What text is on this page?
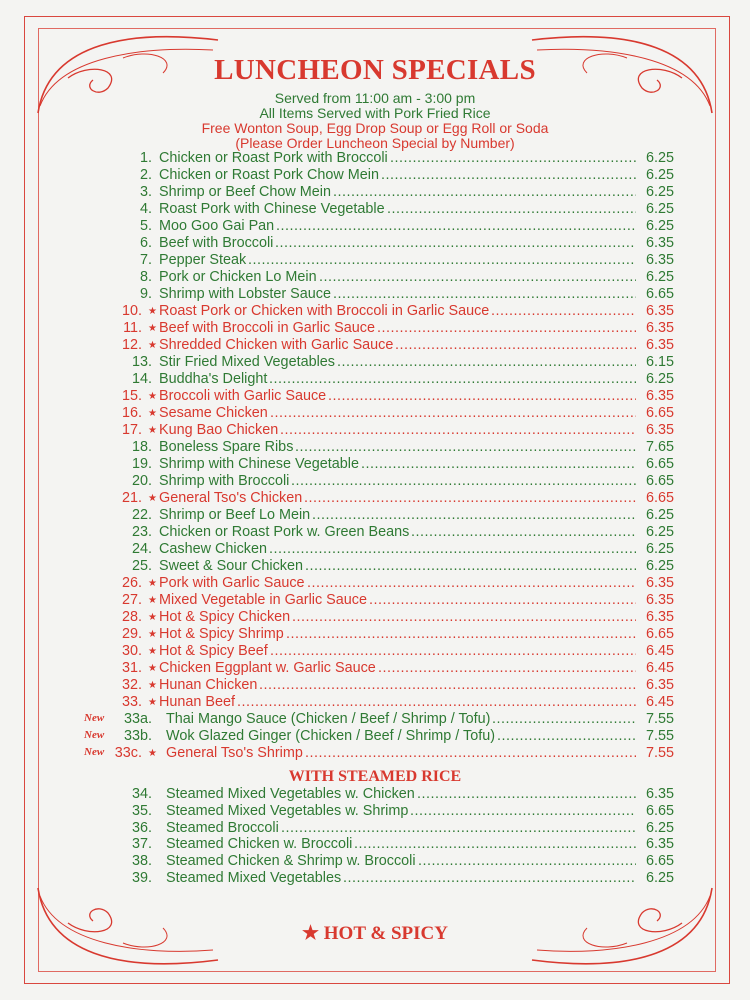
LUNCHEON SPECIALS
Served from 11:00 am - 3:00 pm
All Items Served with Pork Fried Rice
Free Wonton Soup, Egg Drop Soup or Egg Roll or Soda
(Please Order Luncheon Special by Number)
1. Chicken or Roast Pork with Broccoli .....	6.25
2. Chicken or Roast Pork Chow Mein .....	6.25
3. Shrimp or Beef Chow Mein .....	6.25
4. Roast Pork with Chinese Vegetable .....	6.25
5. Moo Goo Gai Pan .....	6.25
6. Beef with Broccoli .....	6.35
7. Pepper Steak .....	6.35
8. Pork or Chicken Lo Mein .....	6.25
9. Shrimp with Lobster Sauce .....	6.65
10. ★ Roast Pork or Chicken with Broccoli in Garlic Sauce .....	6.35
11. ★ Beef with Broccoli in Garlic Sauce .....	6.35
12. ★ Shredded Chicken with Garlic Sauce .....	6.35
13. Stir Fried Mixed Vegetables .....	6.15
14. Buddha's Delight .....	6.25
15. ★ Broccoli with Garlic Sauce .....	6.35
16. ★ Sesame Chicken .....	6.65
17. ★ Kung Bao Chicken .....	6.35
18. Boneless Spare Ribs .....	7.65
19. Shrimp with Chinese Vegetable .....	6.65
20. Shrimp with Broccoli .....	6.65
21. ★ General Tso's Chicken .....	6.65
22. Shrimp or Beef Lo Mein .....	6.25
23. Chicken or Roast Pork w. Green Beans .....	6.25
24. Cashew Chicken .....	6.25
25. Sweet & Sour Chicken .....	6.25
26. ★ Pork with Garlic Sauce .....	6.35
27. ★ Mixed Vegetable in Garlic Sauce .....	6.35
28. ★ Hot & Spicy Chicken .....	6.35
29. ★ Hot & Spicy Shrimp .....	6.65
30. ★ Hot & Spicy Beef .....	6.45
31. ★ Chicken Eggplant w. Garlic Sauce .....	6.45
32. ★ Hunan Chicken .....	6.35
33. ★ Hunan Beef .....	6.45
New 33a. Thai Mango Sauce (Chicken / Beef / Shrimp / Tofu) .....	7.55
New 33b. Wok Glazed Ginger (Chicken / Beef / Shrimp / Tofu) .....	7.55
New 33c. ★ General Tso's Shrimp .....	7.55
WITH STEAMED RICE
34. Steamed Mixed Vegetables w. Chicken .....	6.35
35. Steamed Mixed Vegetables w. Shrimp .....	6.65
36. Steamed Broccoli .....	6.25
37. Steamed Chicken w. Broccoli .....	6.35
38. Steamed Chicken & Shrimp w. Broccoli .....	6.65
39. Steamed Mixed Vegetables .....	6.25
★ HOT & SPICY
